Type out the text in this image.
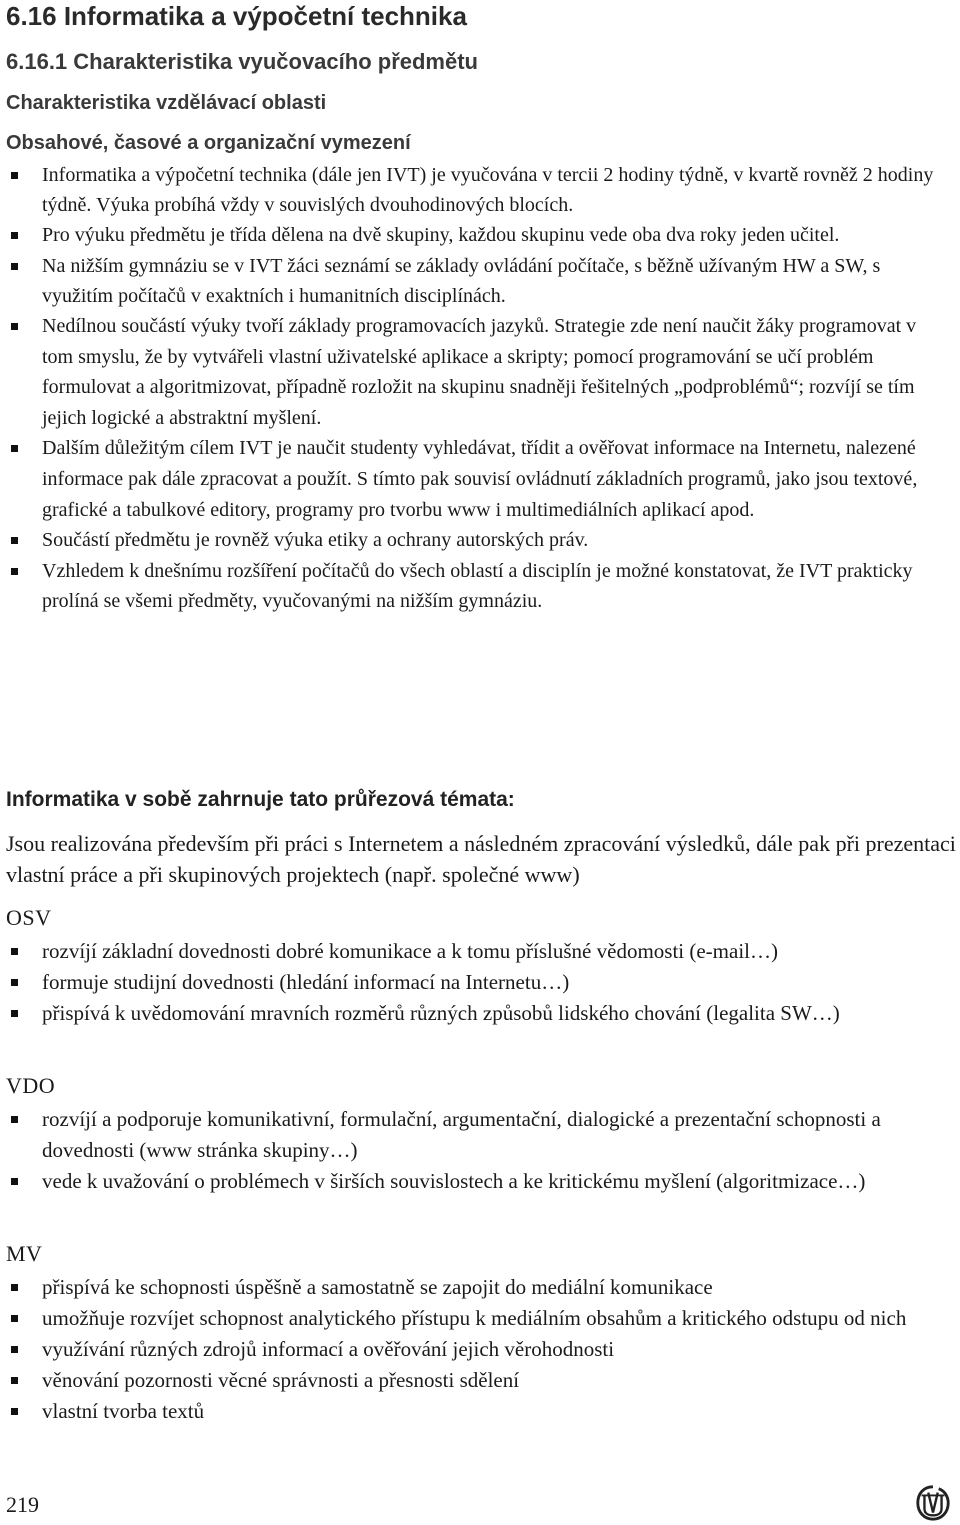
6.16 Informatika a výpočetní technika
6.16.1 Charakteristika vyučovacího předmětu
Charakteristika vzdělávací oblasti
Obsahové, časové a organizační vymezení
Informatika a výpočetní technika (dále jen IVT) je vyučována v tercii 2 hodiny týdně, v kvartě rovněž 2 hodiny týdně. Výuka probíhá vždy v souvislých dvouhodinových blocích.
Pro výuku předmětu je třída dělena na dvě skupiny, každou skupinu vede oba dva roky jeden učitel.
Na nižším gymnáziu se v IVT žáci seznámí se základy ovládání počítače, s běžně užívaným HW a SW, s využitím počítačů v exaktních i humanitních disciplínách.
Nedílnou součástí výuky tvoří základy programovacích jazyků. Strategie zde není naučit žáky programovat v tom smyslu, že by vytvářeli vlastní uživatelské aplikace a skripty; pomocí programování se učí problém formulovat a algoritmizovat, případně rozložit na skupinu snadněji řešitelných „podproblémů“; rozvíjí se tím jejich logické a abstraktní myšlení.
Dalším důležitým cílem IVT je naučit studenty vyhledávat, třídit a ověřovat informace na Internetu, nalezené informace pak dále zpracovat a použít. S tímto pak souvisí ovládnutí základních programů, jako jsou textové, grafické a tabulkové editory, programy pro tvorbu www i multimediálních aplikací apod.
Součástí předmětu je rovněž výuka etiky a ochrany autorských práv.
Vzhledem k dnešnímu rozšíření počítačů do všech oblastí a disciplín je možné konstatovat, že IVT prakticky prolíná se všemi předměty, vyučovanými na nižším gymnáziu.
Informatika v sobě zahrnuje tato průřezová témata:

Jsou realizována především při práci s Internetem a následném zpracování výsledků, dále pak při prezentaci vlastní práce a při skupinových projektech (např. společné www)

OSV
rozvíjí základní dovednosti dobré komunikace a k tomu příslušné vědomosti (e-mail…)
formuje studijní dovednosti (hledání informací na Internetu…)
přispívá k uvědomování mravních rozměrů různých způsobů lidského chování (legalita SW…)
VDO
rozvíjí a podporuje komunikativní, formulační, argumentační, dialogické a prezentační schopnosti a dovednosti (www stránka skupiny…)
vede k uvažování o problémech v širších souvislostech a ke kritickému myšlení (algoritmizace…)
MV
přispívá ke schopnosti úspěšně a samostatně se zapojit do mediální komunikace
umožňuje rozvíjet schopnost analytického přístupu k mediálním obsahům a kritického odstupu od nich
využívání různých zdrojů informací a ověřování jejich věrohodnosti
věnování pozornosti věcné správnosti a přesnosti sdělení
vlastní tvorba textů
219
